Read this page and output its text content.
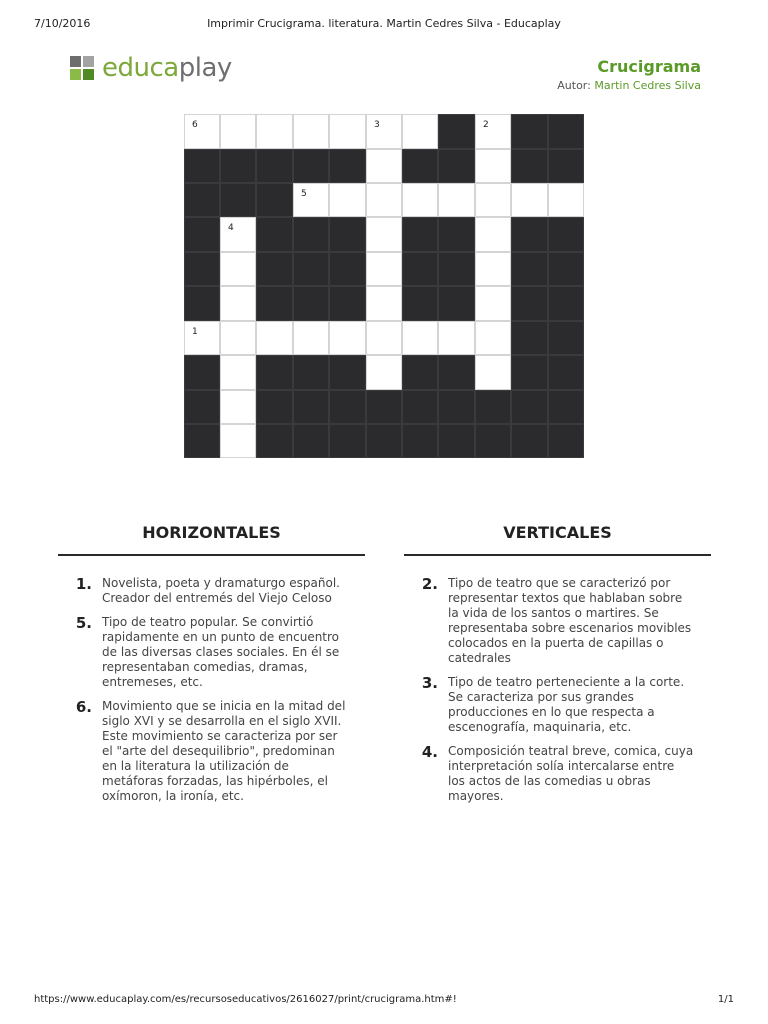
7/10/2016	Imprimir Crucigrama. literatura. Martin Cedres Silva - Educaplay
educaplay	Crucigrama
Autor: Martin Cedres Silva
6	3	2
5
4
1
HORIZONTALES
1. Novelista, poeta y dramaturgo español. Creador del entremés del Viejo Celoso
5. Tipo de teatro popular. Se convirtió rapidamente en un punto de encuentro de las diversas clases sociales. En él se representaban comedias, dramas, entremeses, etc.
6. Movimiento que se inicia en la mitad del siglo XVI y se desarrolla en el siglo XVII. Este movimiento se caracteriza por ser el "arte del desequilibrio", predominan en la literatura la utilización de metáforas forzadas, las hipérboles, el oxímoron, la ironía, etc.
VERTICALES
2. Tipo de teatro que se caracterizó por representar textos que hablaban sobre la vida de los santos o martires. Se representaba sobre escenarios movibles colocados en la puerta de capillas o catedrales
3. Tipo de teatro perteneciente a la corte. Se caracteriza por sus grandes producciones en lo que respecta a escenografía, maquinaria, etc.
4. Composición teatral breve, comica, cuya interpretación solía intercalarse entre los actos de las comedias u obras mayores.
https://www.educaplay.com/es/recursoseducativos/2616027/print/crucigrama.htm#!	1/1
